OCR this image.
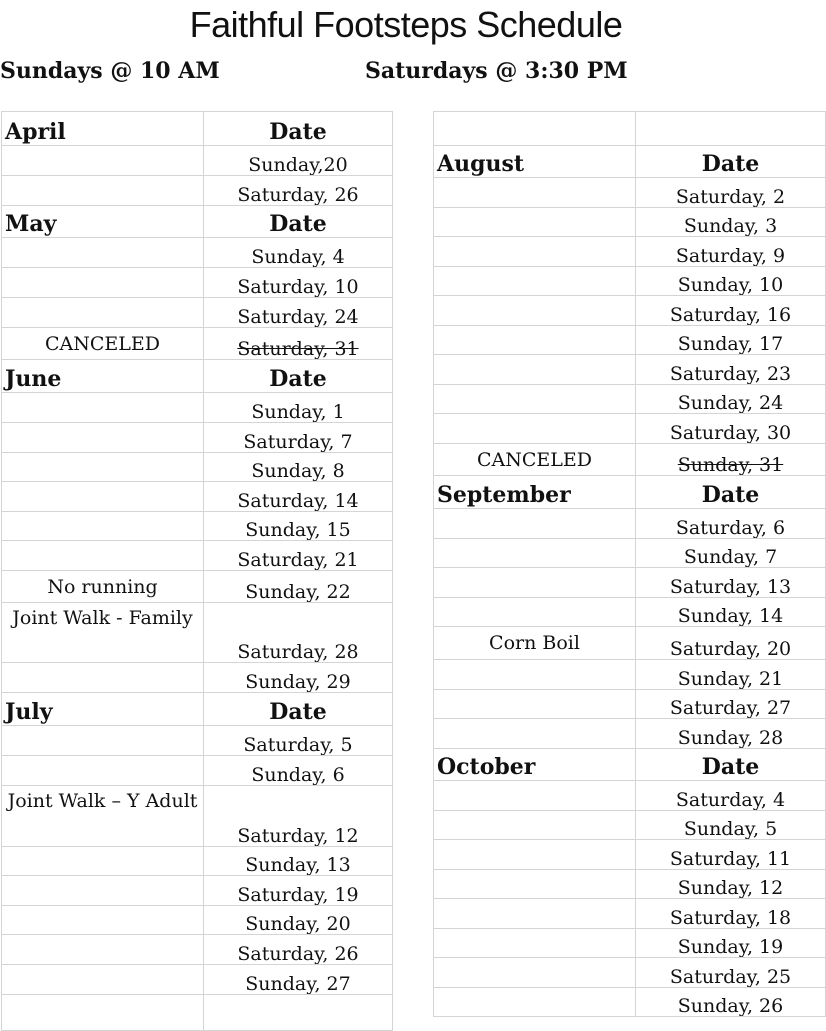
Faithful Footsteps Schedule
Sundays @ 10 AM	Saturdays @ 3:30 PM
April	Date
	Sunday,20
	Saturday, 26
May	Date
	Sunday, 4
	Saturday, 10
	Saturday, 24
CANCELED	Saturday, 31
June	Date
	Sunday, 1
	Saturday, 7
	Sunday, 8
	Saturday, 14
	Sunday, 15
	Saturday, 21
No running	Sunday, 22
Joint Walk - Family	Saturday, 28
	Sunday, 29
July	Date
	Saturday, 5
	Sunday, 6
Joint Walk – Y Adult	Saturday, 12
	Sunday, 13
	Saturday, 19
	Sunday, 20
	Saturday, 26
	Sunday, 27

August	Date
	Saturday, 2
	Sunday, 3
	Saturday, 9
	Sunday, 10
	Saturday, 16
	Sunday, 17
	Saturday, 23
	Sunday, 24
	Saturday, 30
CANCELED	Sunday, 31
September	Date
	Saturday, 6
	Sunday, 7
	Saturday, 13
	Sunday, 14
Corn Boil	Saturday, 20
	Sunday, 21
	Saturday, 27
	Sunday, 28
October	Date
	Saturday, 4
	Sunday, 5
	Saturday, 11
	Sunday, 12
	Saturday, 18
	Sunday, 19
	Saturday, 25
	Sunday, 26
